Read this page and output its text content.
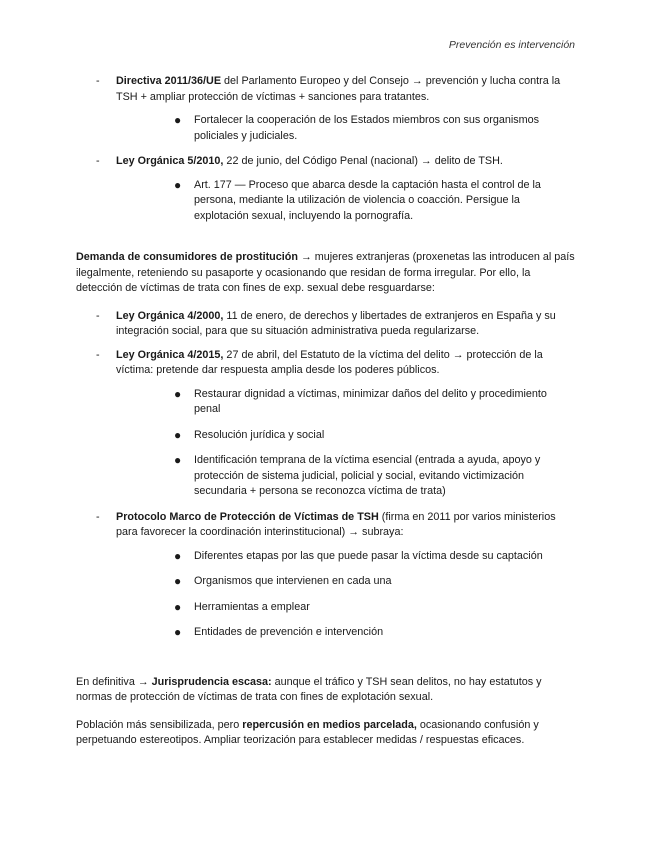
Prevención es intervención
- Directiva 2011/36/UE del Parlamento Europeo y del Consejo → prevención y lucha contra la TSH + ampliar protección de víctimas + sanciones para tratantes.
● Fortalecer la cooperación de los Estados miembros con sus organismos policiales y judiciales.
- Ley Orgánica 5/2010, 22 de junio, del Código Penal (nacional) → delito de TSH.
● Art. 177 — Proceso que abarca desde la captación hasta el control de la persona, mediante la utilización de violencia o coacción. Persigue la explotación sexual, incluyendo la pornografía.

Demanda de consumidores de prostitución → mujeres extranjeras (proxenetas las introducen al país ilegalmente, reteniendo su pasaporte y ocasionando que residan de forma irregular. Por ello, la detección de víctimas de trata con fines de exp. sexual debe resguardarse:

- Ley Orgánica 4/2000, 11 de enero, de derechos y libertades de extranjeros en España y su integración social, para que su situación administrativa pueda regularizarse.
- Ley Orgánica 4/2015, 27 de abril, del Estatuto de la víctima del delito → protección de la víctima: pretende dar respuesta amplia desde los poderes públicos.
● Restaurar dignidad a víctimas, minimizar daños del delito y procedimiento penal
● Resolución jurídica y social
● Identificación temprana de la víctima esencial (entrada a ayuda, apoyo y protección de sistema judicial, policial y social, evitando victimización secundaria + persona se reconozca víctima de trata)
- Protocolo Marco de Protección de Víctimas de TSH (firma en 2011 por varios ministerios para favorecer la coordinación interinstitucional) → subraya:
● Diferentes etapas por las que puede pasar la víctima desde su captación
● Organismos que intervienen en cada una
● Herramientas a emplear
● Entidades de prevención e intervención

En definitiva → Jurisprudencia escasa: aunque el tráfico y TSH sean delitos, no hay estatutos y normas de protección de víctimas de trata con fines de explotación sexual.

Población más sensibilizada, pero repercusión en medios parcelada, ocasionando confusión y perpetuando estereotipos. Ampliar teorización para establecer medidas / respuestas eficaces.
